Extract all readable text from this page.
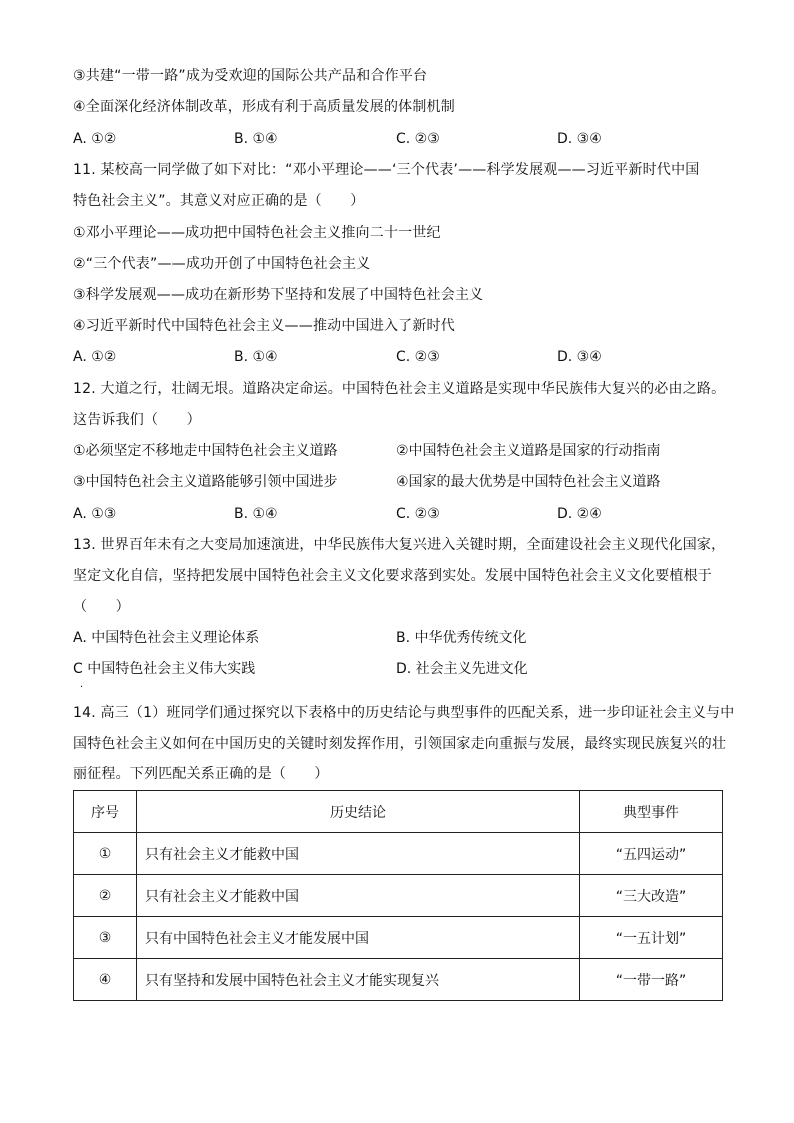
③共建“一带一路”成为受欢迎的国际公共产品和合作平台
④全面深化经济体制改革，形成有利于高质量发展的体制机制
A. ①②	B. ①④	C. ②③	D. ③④
11. 某校高一同学做了如下对比：“邓小平理论——‘三个代表’——科学发展观——习近平新时代中国
特色社会主义”。其意义对应正确的是（　　）
①邓小平理论——成功把中国特色社会主义推向二十一世纪
②“三个代表”——成功开创了中国特色社会主义
③科学发展观——成功在新形势下坚持和发展了中国特色社会主义
④习近平新时代中国特色社会主义——推动中国进入了新时代
A. ①②	B. ①④	C. ②③	D. ③④
12. 大道之行，壮阔无垠。道路决定命运。中国特色社会主义道路是实现中华民族伟大复兴的必由之路。
这告诉我们（　　）
①必须坚定不移地走中国特色社会主义道路	②中国特色社会主义道路是国家的行动指南
③中国特色社会主义道路能够引领中国进步	④国家的最大优势是中国特色社会主义道路
A. ①③	B. ①④	C. ②③	D. ②④
13. 世界百年未有之大变局加速演进，中华民族伟大复兴进入关键时期，全面建设社会主义现代化国家，
坚定文化自信，坚持把发展中国特色社会主义文化要求落到实处。发展中国特色社会主义文化要植根于
（　　）
A. 中国特色社会主义理论体系	B. 中华优秀传统文化
C 中国特色社会主义伟大实践	D. 社会主义先进文化
·
14. 高三（1）班同学们通过探究以下表格中的历史结论与典型事件的匹配关系，进一步印证社会主义与中
国特色社会主义如何在中国历史的关键时刻发挥作用，引领国家走向重振与发展，最终实现民族复兴的壮
丽征程。下列匹配关系正确的是（　　）
序号	历史结论	典型事件
①	只有社会主义才能救中国	“五四运动”
②	只有社会主义才能救中国	“三大改造”
③	只有中国特色社会主义才能发展中国	“一五计划”
④	只有坚持和发展中国特色社会主义才能实现复兴	“一带一路”
